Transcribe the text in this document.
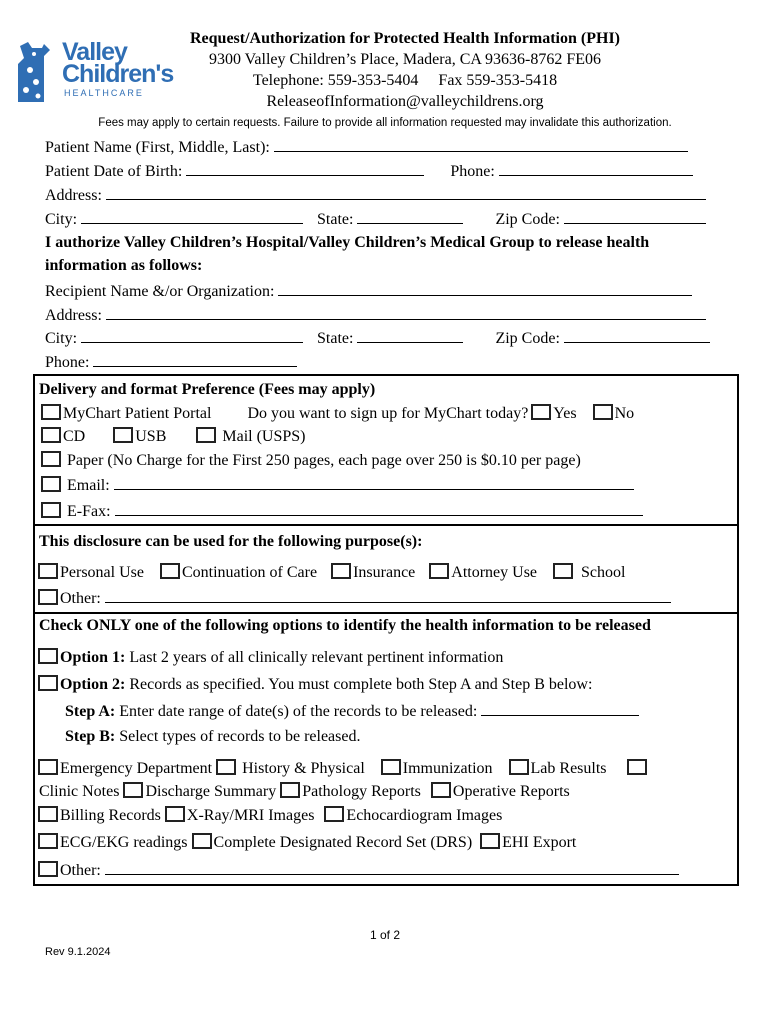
Valley
Children's
HEALTHCARE
Request/Authorization for Protected Health Information (PHI)
9300 Valley Children’s Place, Madera, CA 93636-8762 FE06
Telephone: 559-353-5404     Fax 559-353-5418
ReleaseofInformation@valleychildrens.org
Fees may apply to certain requests. Failure to provide all information requested may invalidate this authorization.
Patient Name (First, Middle, Last):
Patient Date of Birth:	Phone:
Address:
City:	State:	Zip Code:
I authorize Valley Children’s Hospital/Valley Children’s Medical Group to release health
information as follows:
Recipient Name &/or Organization:
Address:
City:	State:	Zip Code:
Phone:
Delivery and format Preference (Fees may apply)
MyChart Patient Portal Do you want to sign up for MyChart today? Yes No
CD	USB	Mail (USPS)
Paper (No Charge for the First 250 pages, each page over 250 is $0.10 per page)
Email:
E-Fax:
This disclosure can be used for the following purpose(s):
Personal Use Continuation of Care Insurance Attorney Use	School
Other:
Check ONLY one of the following options to identify the health information to be released
Option 1: Last 2 years of all clinically relevant pertinent information
Option 2: Records as specified. You must complete both Step A and Step B below:
Step A: Enter date range of date(s) of the records to be released:
Step B: Select types of records to be released.
Emergency Department History & Physical Immunization Lab Results
Clinic Notes Discharge Summary Pathology Reports Operative Reports
Billing Records X-Ray/MRI Images Echocardiogram Images
ECG/EKG readings Complete Designated Record Set (DRS) EHI Export
Other:
1 of 2
Rev 9.1.2024
